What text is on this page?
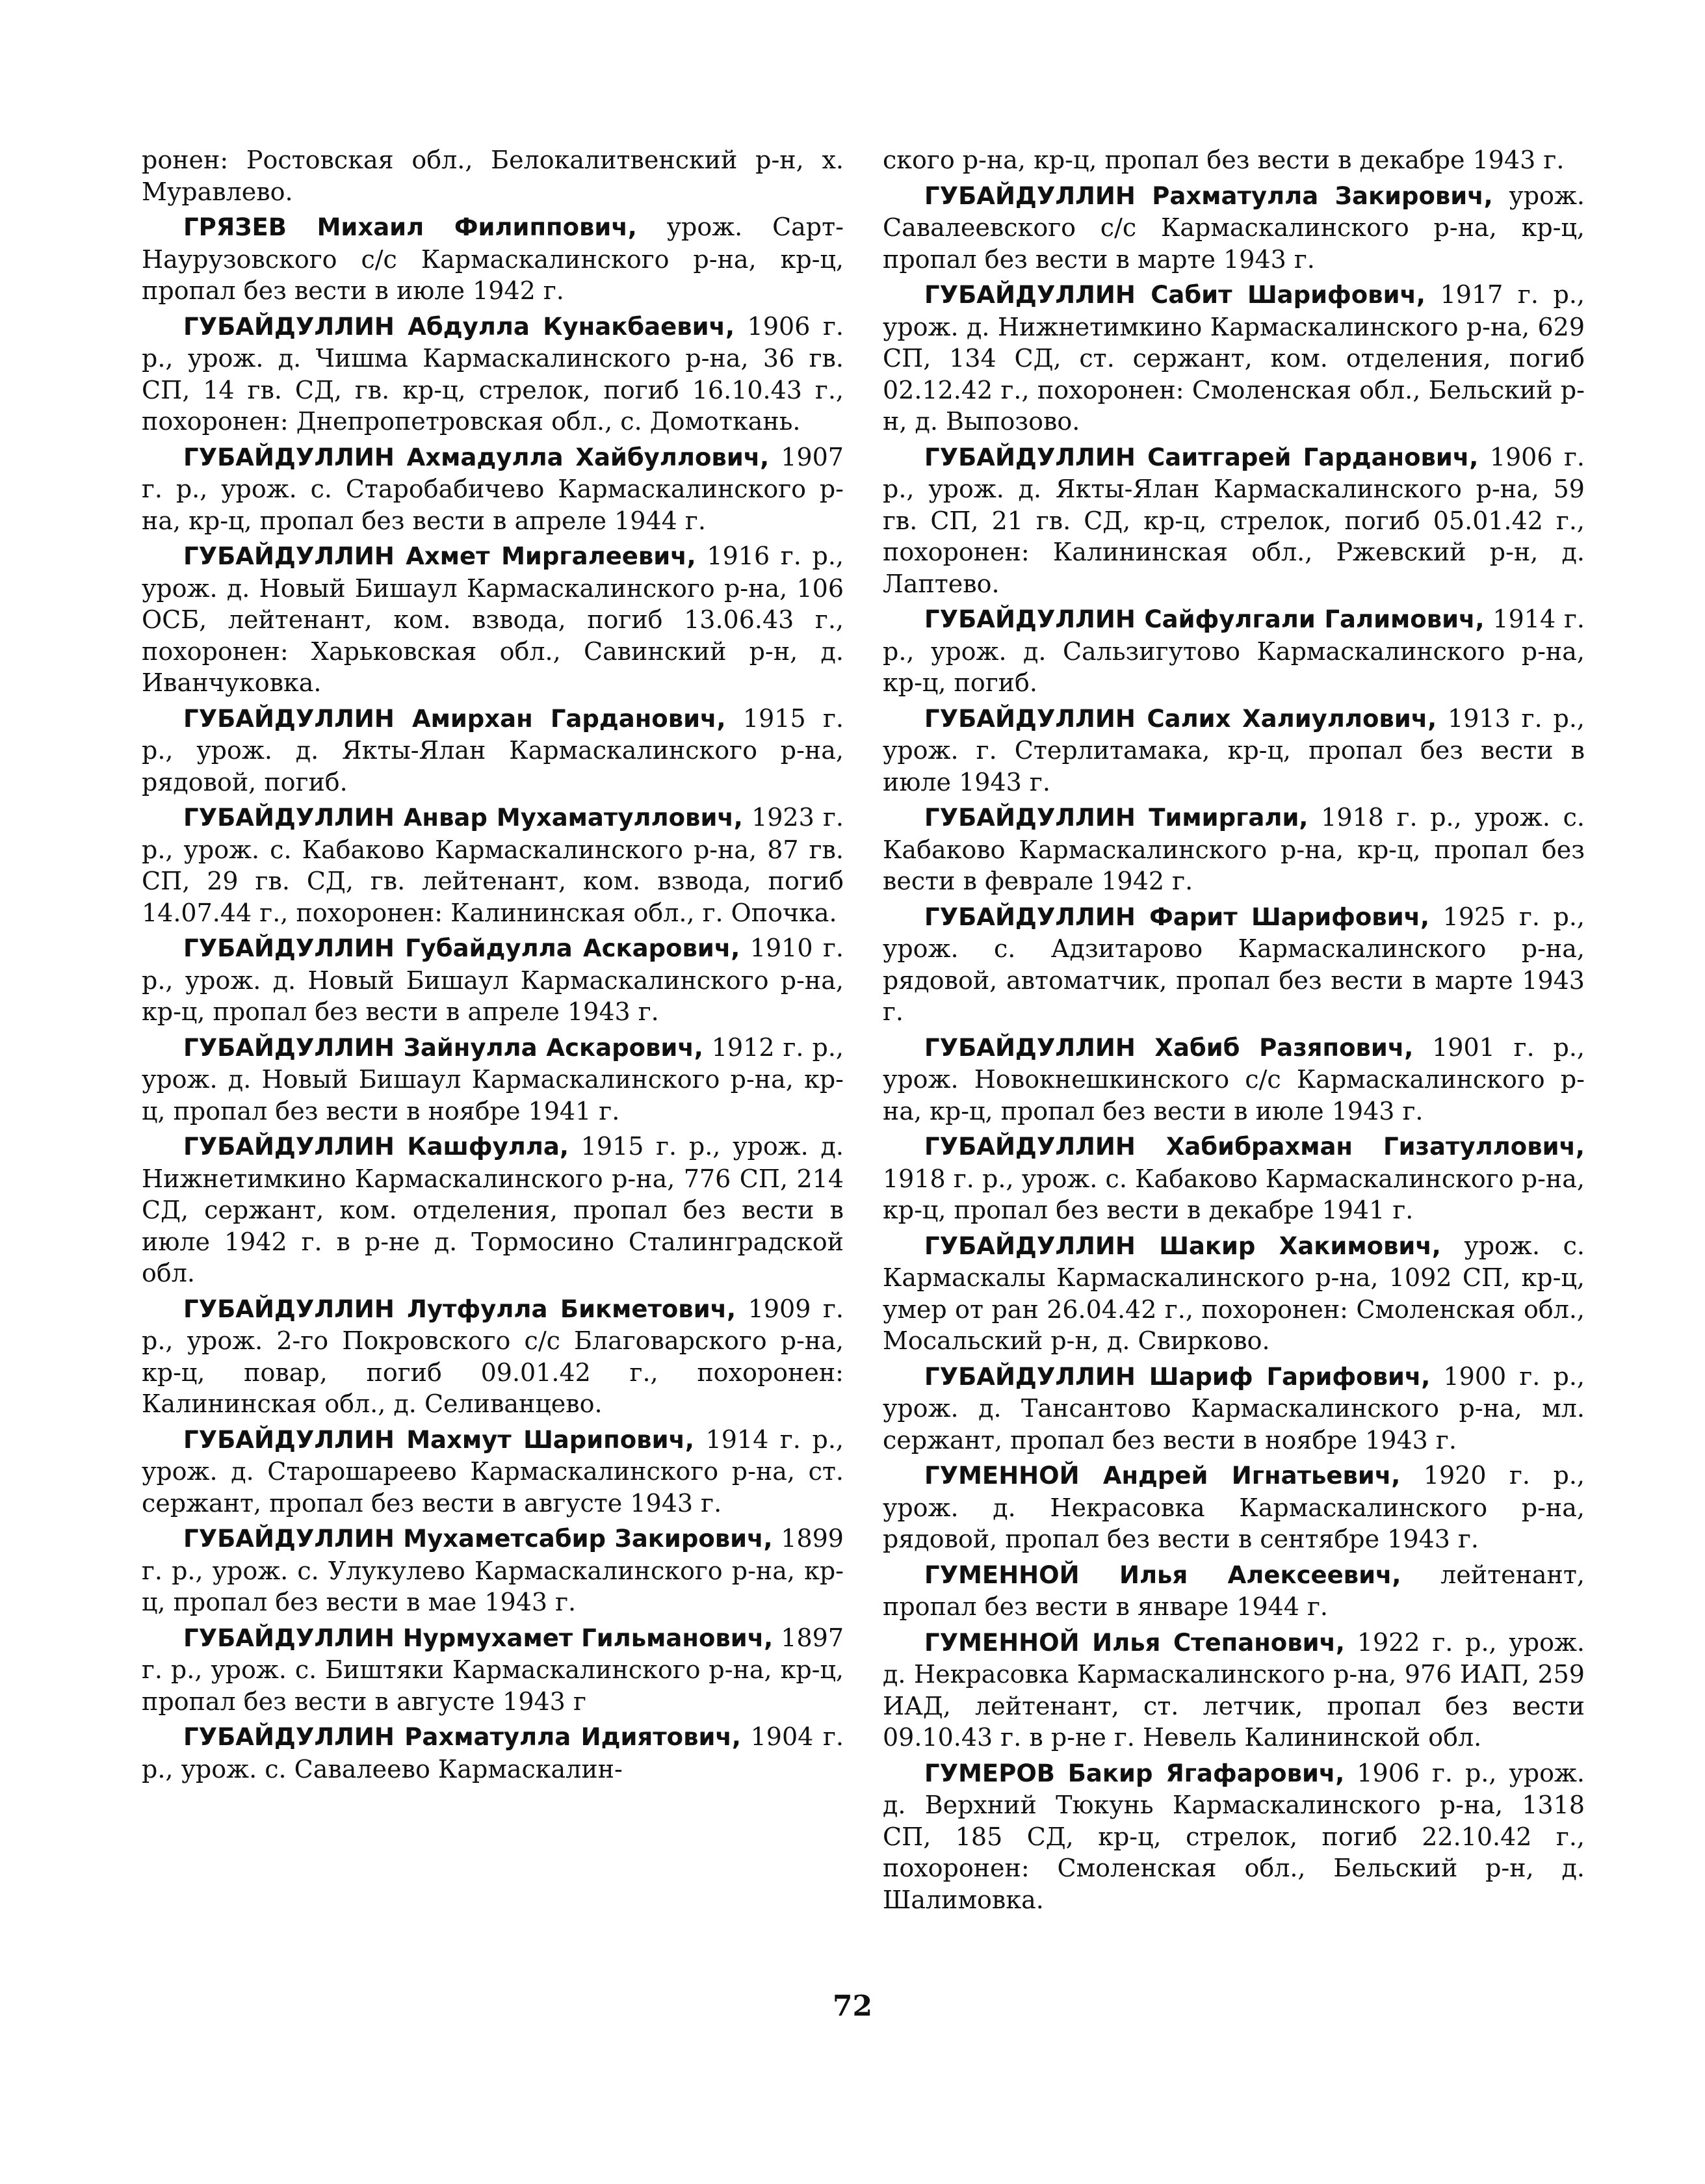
ронен: Ростовская обл., Белокалитвенский р-н, х. Муравлево.

ГРЯЗЕВ Михаил Филиппович, урож. Сарт-Наурузовского с/с Кармаскалинского р-на, кр-ц, пропал без вести в июле 1942 г.

ГУБАЙДУЛЛИН Абдулла Кунакбаевич, 1906 г. р., урож. д. Чишма Кармаскалинского р-на, 36 гв. СП, 14 гв. СД, гв. кр-ц, стрелок, погиб 16.10.43 г., похоронен: Днепропетровская обл., с. Домоткань.

ГУБАЙДУЛЛИН Ахмадулла Хайбуллович, 1907 г. р., урож. с. Старобабичево Кармаскалинского р-на, кр-ц, пропал без вести в апреле 1944 г.

ГУБАЙДУЛЛИН Ахмет Миргалеевич, 1916 г. р., урож. д. Новый Бишаул Кармаскалинского р-на, 106 ОСБ, лейтенант, ком. взвода, погиб 13.06.43 г., похоронен: Харьковская обл., Савинский р-н, д. Иванчуковка.

ГУБАЙДУЛЛИН Амирхан Гарданович, 1915 г. р., урож. д. Якты-Ялан Кармаскалинского р-на, рядовой, погиб.

ГУБАЙДУЛЛИН Анвар Мухаматуллович, 1923 г. р., урож. с. Кабаково Кармаскалинского р-на, 87 гв. СП, 29 гв. СД, гв. лейтенант, ком. взвода, погиб 14.07.44 г., похоронен: Калининская обл., г. Опочка.

ГУБАЙДУЛЛИН Губайдулла Аскарович, 1910 г. р., урож. д. Новый Бишаул Кармаскалинского р-на, кр-ц, пропал без вести в апреле 1943 г.

ГУБАЙДУЛЛИН Зайнулла Аскарович, 1912 г. р., урож. д. Новый Бишаул Кармаскалинского р-на, кр-ц, пропал без вести в ноябре 1941 г.

ГУБАЙДУЛЛИН Кашфулла, 1915 г. р., урож. д. Нижнетимкино Кармаскалинского р-на, 776 СП, 214 СД, сержант, ком. отделения, пропал без вести в июле 1942 г. в р-не д. Тормосино Сталинградской обл.

ГУБАЙДУЛЛИН Лутфулла Бикметович, 1909 г. р., урож. 2-го Покровского с/с Благоварского р-на, кр-ц, повар, погиб 09.01.42 г., похоронен: Калининская обл., д. Селиванцево.

ГУБАЙДУЛЛИН Махмут Шарипович, 1914 г. р., урож. д. Старошареево Кармаскалинского р-на, ст. сержант, пропал без вести в августе 1943 г.

ГУБАЙДУЛЛИН Мухаметсабир Закирович, 1899 г. р., урож. с. Улукулево Кармаскалинского р-на, кр-ц, пропал без вести в мае 1943 г.

ГУБАЙДУЛЛИН Нурмухамет Гильманович, 1897 г. р., урож. с. Биштяки Кармаскалинского р-на, кр-ц, пропал без вести в августе 1943 г

ГУБАЙДУЛЛИН Рахматулла Идиятович, 1904 г. р., урож. с. Савалеево Кармаскалин-

ского р-на, кр-ц, пропал без вести в декабре 1943 г.

ГУБАЙДУЛЛИН Рахматулла Закирович, урож. Савалеевского с/с Кармаскалинского р-на, кр-ц, пропал без вести в марте 1943 г.

ГУБАЙДУЛЛИН Сабит Шарифович, 1917 г. р., урож. д. Нижнетимкино Кармаскалинского р-на, 629 СП, 134 СД, ст. сержант, ком. отделения, погиб 02.12.42 г., похоронен: Смоленская обл., Бельский р-н, д. Выпозово.

ГУБАЙДУЛЛИН Саитгарей Гарданович, 1906 г. р., урож. д. Якты-Ялан Кармаскалинского р-на, 59 гв. СП, 21 гв. СД, кр-ц, стрелок, погиб 05.01.42 г., похоронен: Калининская обл., Ржевский р-н, д. Лаптево.

ГУБАЙДУЛЛИН Сайфулгали Галимович, 1914 г. р., урож. д. Сальзигутово Кармаскалинского р-на, кр-ц, погиб.

ГУБАЙДУЛЛИН Салих Халиуллович, 1913 г. р., урож. г. Стерлитамака, кр-ц, пропал без вести в июле 1943 г.

ГУБАЙДУЛЛИН Тимиргали, 1918 г. р., урож. с. Кабаково Кармаскалинского р-на, кр-ц, пропал без вести в феврале 1942 г.

ГУБАЙДУЛЛИН Фарит Шарифович, 1925 г. р., урож. с. Адзитарово Кармаскалинского р-на, рядовой, автоматчик, пропал без вести в марте 1943 г.

ГУБАЙДУЛЛИН Хабиб Разяпович, 1901 г. р., урож. Новокнешкинского с/с Кармаскалинского р-на, кр-ц, пропал без вести в июле 1943 г.

ГУБАЙДУЛЛИН Хабибрахман Гизатуллович, 1918 г. р., урож. с. Кабаково Кармаскалинского р-на, кр-ц, пропал без вести в декабре 1941 г.

ГУБАЙДУЛЛИН Шакир Хакимович, урож. с. Кармаскалы Кармаскалинского р-на, 1092 СП, кр-ц, умер от ран 26.04.42 г., похоронен: Смоленская обл., Мосальский р-н, д. Свирково.

ГУБАЙДУЛЛИН Шариф Гарифович, 1900 г. р., урож. д. Тансантово Кармаскалинского р-на, мл. сержант, пропал без вести в ноябре 1943 г.

ГУМЕННОЙ Андрей Игнатьевич, 1920 г. р., урож. д. Некрасовка Кармаскалинского р-на, рядовой, пропал без вести в сентябре 1943 г.

ГУМЕННОЙ Илья Алексеевич, лейтенант, пропал без вести в январе 1944 г.

ГУМЕННОЙ Илья Степанович, 1922 г. р., урож. д. Некрасовка Кармаскалинского р-на, 976 ИАП, 259 ИАД, лейтенант, ст. летчик, пропал без вести 09.10.43 г. в р-не г. Невель Калининской обл.

ГУМЕРОВ Бакир Ягафарович, 1906 г. р., урож. д. Верхний Тюкунь Кармаскалинского р-на, 1318 СП, 185 СД, кр-ц, стрелок, погиб 22.10.42 г., похоронен: Смоленская обл., Бельский р-н, д. Шалимовка.

72
